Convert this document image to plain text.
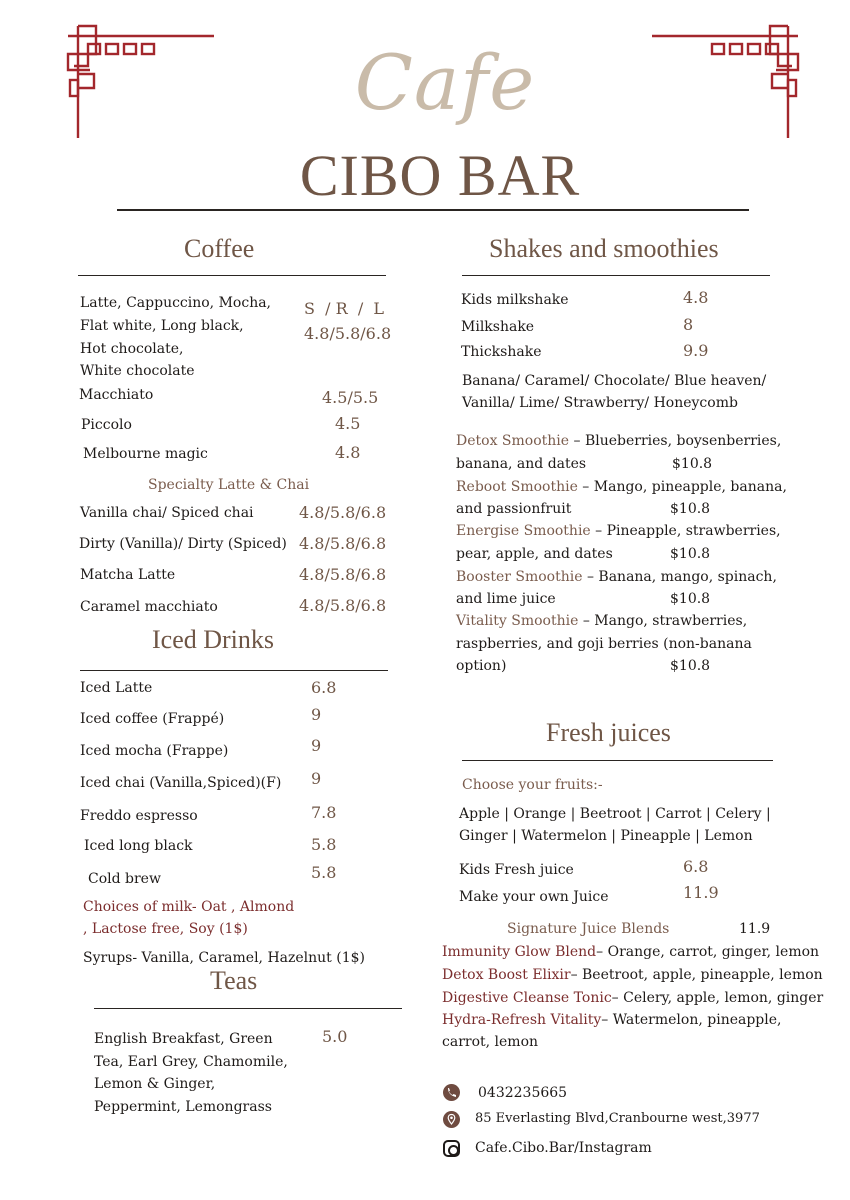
Cafe
CIBO BAR
Coffee
Latte, Cappuccino, Mocha,
Flat white, Long black,
Hot chocolate,
White chocolate
S  / R  /  L
4.8/5.8/6.8
Macchiato	4.5/5.5
Piccolo	4.5
Melbourne magic	4.8
Specialty Latte & Chai
Vanilla chai/ Spiced chai	4.8/5.8/6.8
Dirty (Vanilla)/ Dirty (Spiced) 4.8/5.8/6.8
Matcha Latte	4.8/5.8/6.8
Caramel macchiato	4.8/5.8/6.8
Iced Drinks
Iced Latte	6.8
Iced coffee (Frappé)	9
Iced mocha (Frappe)	9
Iced chai (Vanilla,Spiced)(F) 9
Freddo espresso	7.8
Iced long black	5.8
Cold brew	5.8
Choices of milk- Oat , Almond
, Lactose free, Soy (1$)
Syrups- Vanilla, Caramel, Hazelnut (1$)
Teas
English Breakfast, Green
Tea, Earl Grey, Chamomile,
Lemon & Ginger,
Peppermint, Lemongrass
5.0
Shakes and smoothies
Kids milkshake	4.8
Milkshake	8
Thickshake	9.9
Banana/ Caramel/ Chocolate/ Blue heaven/
Vanilla/ Lime/ Strawberry/ Honeycomb
Detox Smoothie – Blueberries, boysenberries,
banana, and dates	$10.8
Reboot Smoothie – Mango, pineapple, banana,
and passionfruit	$10.8
Energise Smoothie – Pineapple, strawberries,
pear, apple, and dates	$10.8
Booster Smoothie – Banana, mango, spinach,
and lime juice	$10.8
Vitality Smoothie – Mango, strawberries,
raspberries, and goji berries (non-banana
option)	$10.8
Fresh juices
Choose your fruits:-
Apple | Orange | Beetroot | Carrot | Celery |
Ginger | Watermelon | Pineapple | Lemon
Kids Fresh juice	6.8
Make your own Juice	11.9
Signature Juice Blends	11.9
Immunity Glow Blend– Orange, carrot, ginger, lemon
Detox Boost Elixir– Beetroot, apple, pineapple, lemon
Digestive Cleanse Tonic– Celery, apple, lemon, ginger
Hydra-Refresh Vitality– Watermelon, pineapple,
carrot, lemon
0432235665
85 Everlasting Blvd,Cranbourne west,3977
Cafe.Cibo.Bar/Instagram
